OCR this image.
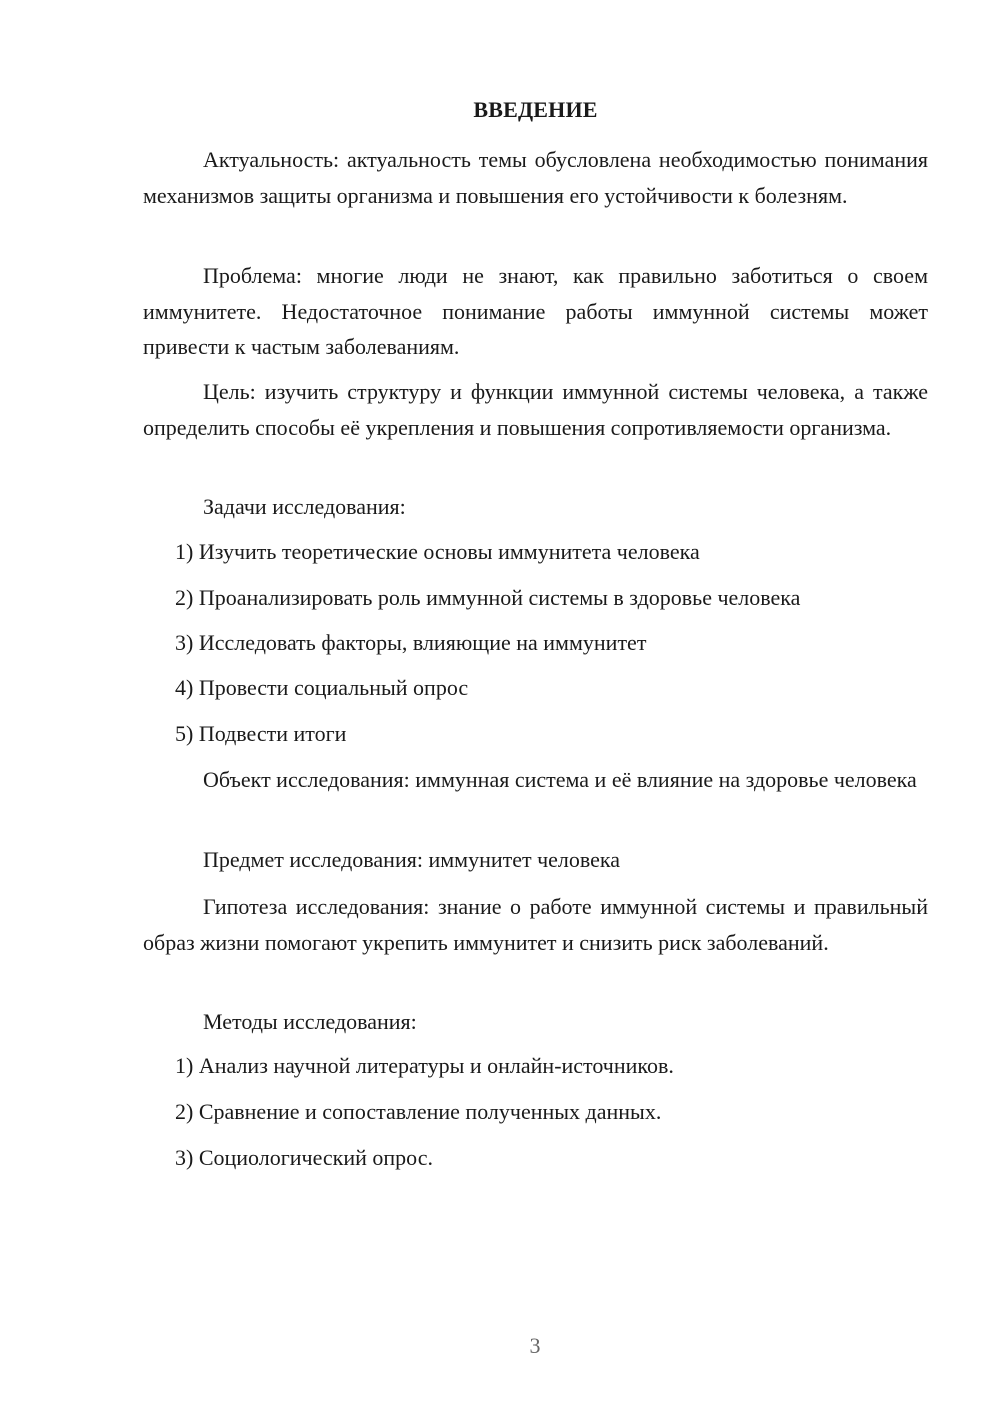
ВВЕДЕНИЕ

Актуальность: актуальность темы обусловлена необходимостью понимания механизмов защиты организма и повышения его устойчивости к болезням.

Проблема: многие люди не знают, как правильно заботиться о своем иммунитете. Недостаточное понимание работы иммунной системы может привести к частым заболеваниям.

Цель: изучить структуру и функции иммунной системы человека, а также определить способы её укрепления и повышения сопротивляемости организма.

Задачи исследования:

1) Изучить теоретические основы иммунитета человека

2) Проанализировать роль иммунной системы в здоровье человека

3) Исследовать факторы, влияющие на иммунитет

4) Провести социальный опрос

5) Подвести итоги

Объект исследования: иммунная система и её влияние на здоровье человека

Предмет исследования: иммунитет человека

Гипотеза исследования: знание о работе иммунной системы и правильный образ жизни помогают укрепить иммунитет и снизить риск заболеваний.

Методы исследования:

1) Анализ научной литературы и онлайн-источников.

2) Сравнение и сопоставление полученных данных.

3) Социологический опрос.

3
